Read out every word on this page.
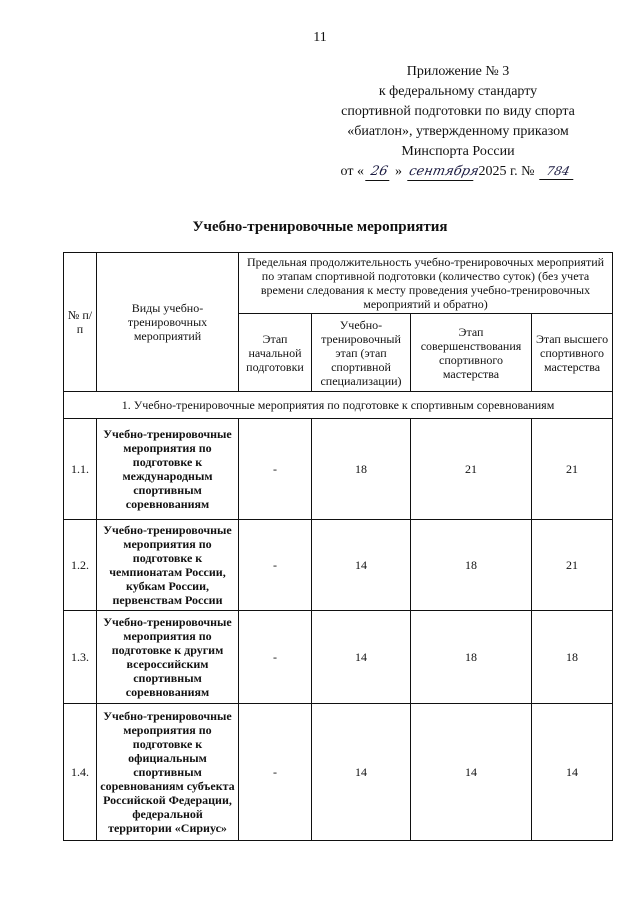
11
Приложение № 3
к федеральному стандарту
спортивной подготовки по виду спорта
«биатлон», утвержденному приказом
Минспорта России
от « 26 » сентября 2025 г. № 784
Учебно-тренировочные мероприятия
№ п/п	Виды учебно-тренировочных мероприятий	Предельная продолжительность учебно-тренировочных мероприятий по этапам спортивной подготовки (количество суток) (без учета времени следования к месту проведения учебно-тренировочных мероприятий и обратно)			
		Этап начальной подготовки	Учебно-тренировочный этап (этап спортивной специализации)	Этап совершенствования спортивного мастерства	Этап высшего спортивного мастерства
1. Учебно-тренировочные мероприятия по подготовке к спортивным соревнованиям					
1.1.	Учебно-тренировочные мероприятия по подготовке к международным спортивным соревнованиям	-	18	21	21
1.2.	Учебно-тренировочные мероприятия по подготовке к чемпионатам России, кубкам России, первенствам России	-	14	18	21
1.3.	Учебно-тренировочные мероприятия по подготовке к другим всероссийским спортивным соревнованиям	-	14	18	18
1.4.	Учебно-тренировочные мероприятия по подготовке к официальным спортивным соревнованиям субъекта Российской Федерации, федеральной территории «Сириус»	-	14	14	14
